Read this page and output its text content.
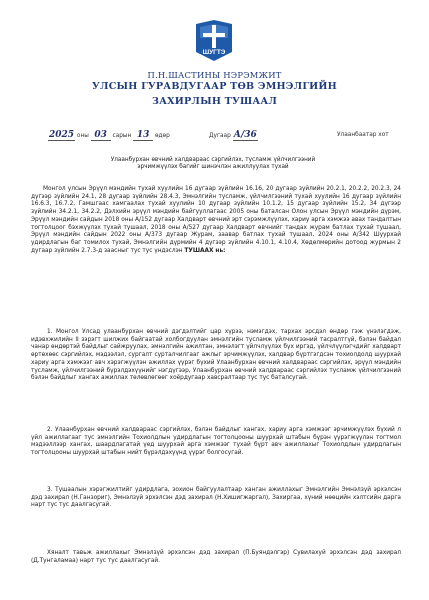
ШУГТЭ
П.Н.ШАСТИНЫ НЭРЭМЖИТ
УЛСЫН ГУРАВДУГААР ТӨВ ЭМНЭЛГИЙН
ЗАХИРЛЫН ТУШААЛ
2025 оны 03 сарын 13 өдөр	Дугаар А/36	Улаанбаатар хот
Улаанбурхан өвчний халдвараас сэргийлэх, тусламж үйлчилгээний эрчимжүүлэх багийг шинэчлэн ажиллуулах тухай
Монгол улсын Эрүүл мэндийн тухай хуулийн 16 дугаар зүйлийн 16.16, 20 дугаар зүйлийн 20.2.1, 20.2.2, 20.2.3, 24 дүгээр зүйлийн 24.1, 28 дугаар зүйлийн 28.4.3, Эмнэлгийн тусламж, үйлчилгээний тухай хуулийн 16 дугаар зүйлийн 16.6.3, 16.7.2, Гамшгаас хамгаалах тухай хуулийн 10 дугаар зүйлийн 10.1.2, 15 дугаар зүйлийн 15.2, 34 дүгээр зүйлийн 34.2.1, 34.2.2, Дэлхийн эрүүл мэндийн байгууллагаас 2005 оны баталсан Олон улсын Эрүүл мэндийн дүрэм, Эрүүл мэндийн сайдын 2018 оны А/152 дугаар Халдварт өвчний эрт сэрэмжлүүлэх, хариу арга хэмжээ авах тандалтын тогтолцоог бэхжүүлэх тухай тушаал, 2018 оны А/527 дугаар Халдварт өвчнийг тандах журам батлах тухай тушаал, Эрүүл мэндийн сайдын 2022 оны А/373 дугаар Журам, заавар батлах тухай тушаал, 2024 оны А/342 Шуурхай удирдлагын баг томилох тухай, Эмнэлгийн дүрмийн 4 дүгээр зүйлийн 4.10.1, 4.10.4, Хөдөлмөрийн дотоод журмын 2 дугаар зүйлийн 2.7.3-д заасныг тус тус үндэслэн ТУШААХ нь:
1. Монгол Улсад улаанбурхан өвчний дэгдэлтийг цар хүрээ, нэмэгдэх, тархах эрсдэл өндөр гэж үнэлэгдэж, идэвхжилийн II зэрэгт шилжих байгаатай холбогдуулан эмнэлгийн тусламж үйлчилгээний тасралтгүй, бэлэн байдал чанар өндөртэй байдлыг сайжруулах, эмнэлгийн ажилтан, эмнэлэгт үйлчлүүлэх бүх иргэд, үйлчлүүлэгчдийг халдварт өртөхөөс сэргийлэх, мэдээлэл, сургалт сурталчилгааг ажлыг эрчимжүүлэх, халдвар бүртгэгдсэн тохиолдолд шуурхай хариу арга хэмжээг авч хэрэгжүүлэн ажиллах үүрэг бүхий Улаанбурхан өвчний халдвараас сэргийлэх, эрүүл мэндийн тусламж, үйлчилгээний бүрэлдэхүүнийг нэгдүгээр, Улаанбурхан өвчний халдвараас сэргийлэх тусламж үйлчилгээний бэлэн байдлыг хангах ажиллах төлөвлөгөөг хоёрдугаар хавсралтаар тус тус баталсугай.
2. Улаанбурхан өвчний халдвараас сэргийлэх, бэлэн байдлыг хангах, хариу арга хэмжээг эрчимжүүлэх бүхий л үйл ажиллагааг тус эмнэлгийн Тохиолдлын удирдлагын тогтолцооны шуурхай штабын бүрэн үүрэгжүүлэн тогтмол мэдээллээр хангах, шаардлагатай үед шуурхай арга хэмжээг тухай бүрт авч ажиллахыг Тохиолдлын удирдлагын тогтолцооны шуурхай штабын нийт бүрэлдэхүүнд үүрэг болгосугай.
3. Тушаалын хэрэгжилтийг удирдлага, зохион байгуулалтаар ханган ажиллахыг Эмнэлгийн Эмнэлзүй эрхэлсэн дэд захирал (Н.Ганзориг), Эмнэлзүй эрхэлсэн дэд захирал (Н.Хишигжаргал), Захиргаа, хүний нөөцийн хэлтсийн дарга нарт тус тус даалгасугай.
Хяналт тавьж ажиллахыг Эмнэлзүй эрхэлсэн дэд захирал (П.Буяндэлгэр) Сувилахуй эрхэлсэн дэд захирал (Д.Тунгаламаа) нарт тус тус даалгасугай.
